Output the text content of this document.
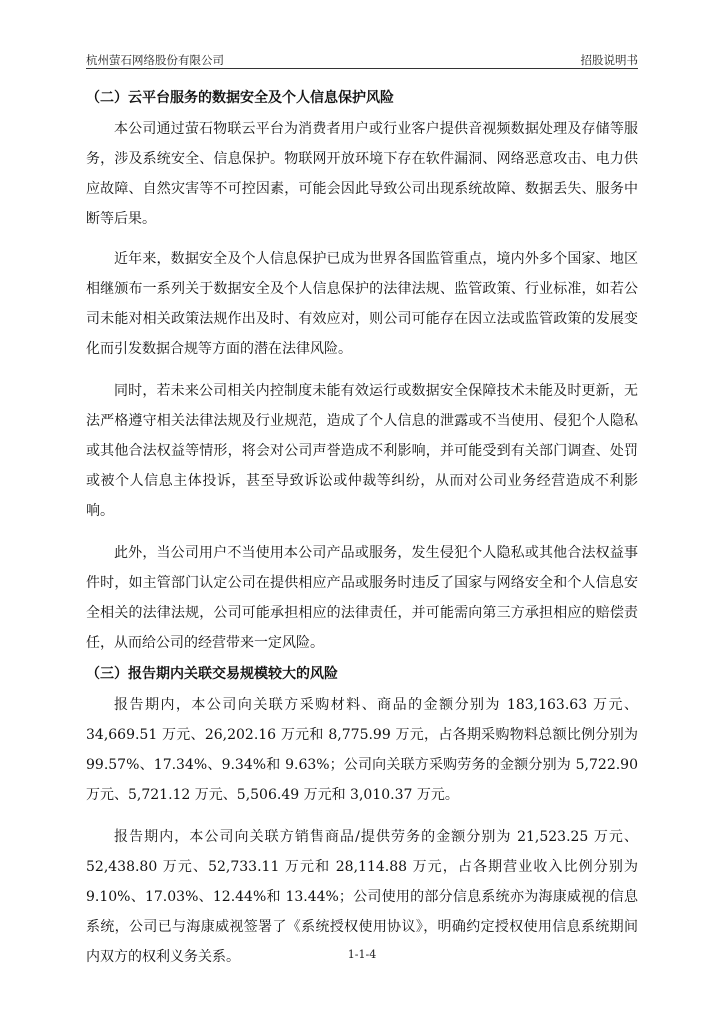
杭州萤石网络股份有限公司	招股说明书
（二）云平台服务的数据安全及个人信息保护风险

本公司通过萤石物联云平台为消费者用户或行业客户提供音视频数据处理及存储等服务，涉及系统安全、信息保护。物联网开放环境下存在软件漏洞、网络恶意攻击、电力供应故障、自然灾害等不可控因素，可能会因此导致公司出现系统故障、数据丢失、服务中断等后果。

近年来，数据安全及个人信息保护已成为世界各国监管重点，境内外多个国家、地区相继颁布一系列关于数据安全及个人信息保护的法律法规、监管政策、行业标准，如若公司未能对相关政策法规作出及时、有效应对，则公司可能存在因立法或监管政策的发展变化而引发数据合规等方面的潜在法律风险。

同时，若未来公司相关内控制度未能有效运行或数据安全保障技术未能及时更新，无法严格遵守相关法律法规及行业规范，造成了个人信息的泄露或不当使用、侵犯个人隐私或其他合法权益等情形，将会对公司声誉造成不利影响，并可能受到有关部门调查、处罚或被个人信息主体投诉，甚至导致诉讼或仲裁等纠纷，从而对公司业务经营造成不利影响。

此外，当公司用户不当使用本公司产品或服务，发生侵犯个人隐私或其他合法权益事件时，如主管部门认定公司在提供相应产品或服务时违反了国家与网络安全和个人信息安全相关的法律法规，公司可能承担相应的法律责任，并可能需向第三方承担相应的赔偿责任，从而给公司的经营带来一定风险。

（三）报告期内关联交易规模较大的风险

报告期内，本公司向关联方采购材料、商品的金额分别为 183,163.63 万元、34,669.51 万元、26,202.16 万元和 8,775.99 万元，占各期采购物料总额比例分别为99.57%、17.34%、9.34%和 9.63%；公司向关联方采购劳务的金额分别为 5,722.90 万元、5,721.12 万元、5,506.49 万元和 3,010.37 万元。

报告期内，本公司向关联方销售商品/提供劳务的金额分别为 21,523.25 万元、52,438.80 万元、52,733.11 万元和 28,114.88 万元，占各期营业收入比例分别为 9.10%、17.03%、12.44%和 13.44%；公司使用的部分信息系统亦为海康威视的信息系统，公司已与海康威视签署了《系统授权使用协议》，明确约定授权使用信息系统期间内双方的权利义务关系。	1-1-4
